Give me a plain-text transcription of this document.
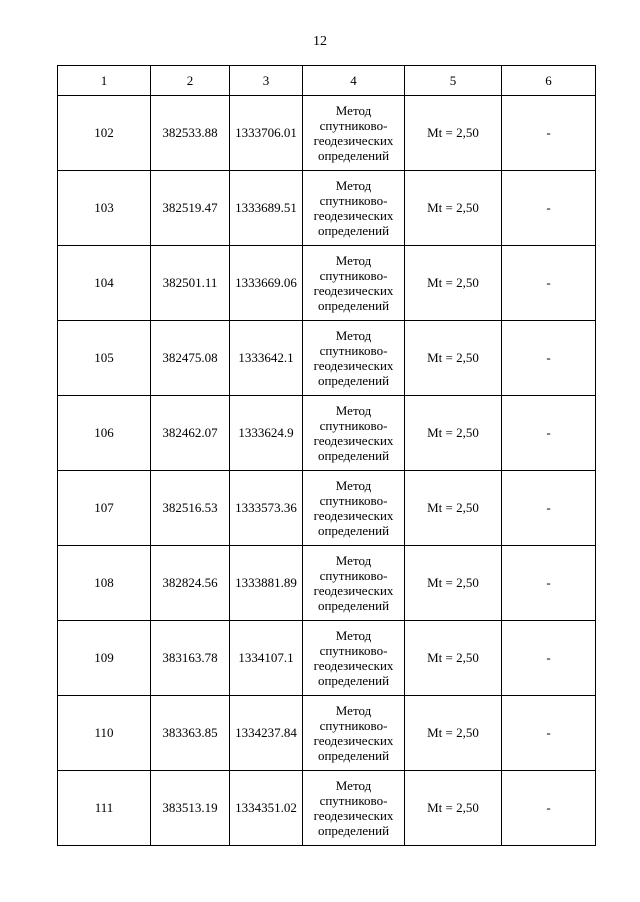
12
1	2	3	4	5	6
102	382533.88	1333706.01	Метод
спутниково-
геодезических
определений	Mt = 2,50	-
103	382519.47	1333689.51	Метод
спутниково-
геодезических
определений	Mt = 2,50	-
104	382501.11	1333669.06	Метод
спутниково-
геодезических
определений	Mt = 2,50	-
105	382475.08	1333642.1	Метод
спутниково-
геодезических
определений	Mt = 2,50	-
106	382462.07	1333624.9	Метод
спутниково-
геодезических
определений	Mt = 2,50	-
107	382516.53	1333573.36	Метод
спутниково-
геодезических
определений	Mt = 2,50	-
108	382824.56	1333881.89	Метод
спутниково-
геодезических
определений	Mt = 2,50	-
109	383163.78	1334107.1	Метод
спутниково-
геодезических
определений	Mt = 2,50	-
110	383363.85	1334237.84	Метод
спутниково-
геодезических
определений	Mt = 2,50	-
111	383513.19	1334351.02	Метод
спутниково-
геодезических
определений	Mt = 2,50	-
